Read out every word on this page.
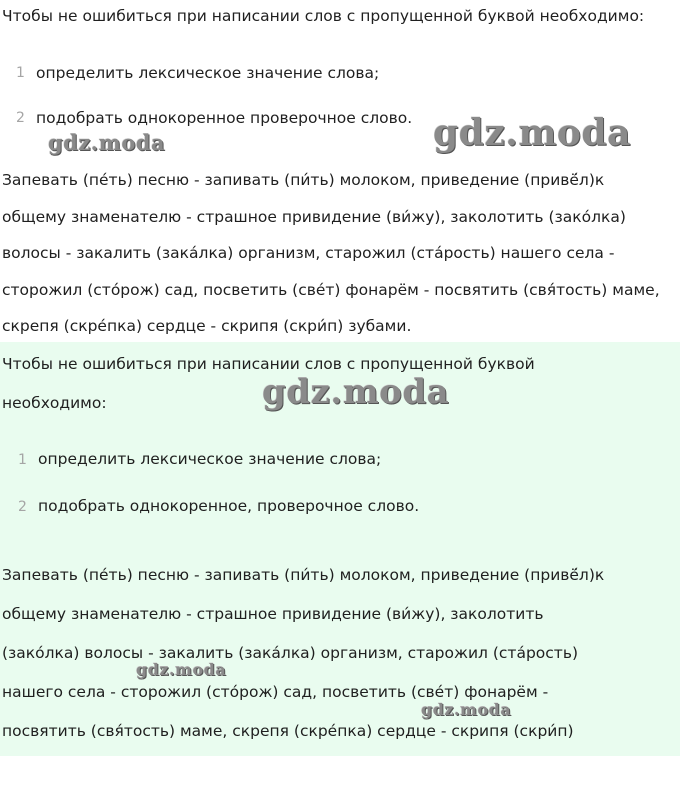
Чтобы не ошибиться при написании слов с пропущенной буквой необходимо:
1 определить лексическое значение слова;
2 подобрать однокоренное проверочное слово.
Запевать (пе́ть) песню - запивать (пи́ть) молоком, приведение (привё́л)к
общему знаменателю - страшное привидение (ви́жу), заколотить (зако́лка)
волосы - закалить (зака́лка) организм, старожил (ста́рость) нашего села -
сторожил (сто́рож) сад, посветить (све́т) фонарём - посвятить (свя́тость) маме,
скрепя (скре́пка) сердце - скрипя (скри́п) зубами.
gdz.moda	gdz.moda
Чтобы не ошибиться при написании слов с пропущенной буквой
необходимо:
1 определить лексическое значение слова;
2 подобрать однокоренное, проверочное слово.
Запевать (пе́ть) песню - запивать (пи́ть) молоком, приведение (привё́л)к
общему знаменателю - страшное привидение (ви́жу), заколотить
(зако́лка) волосы - закалить (зака́лка) организм, старожил (ста́рость)
нашего села - сторожил (сто́рож) сад, посветить (све́т) фонарём -
посвятить (свя́тость) маме, скрепя (скре́пка) сердце - скрипя (скри́п)
gdz.moda
gdz.moda
gdz.moda
